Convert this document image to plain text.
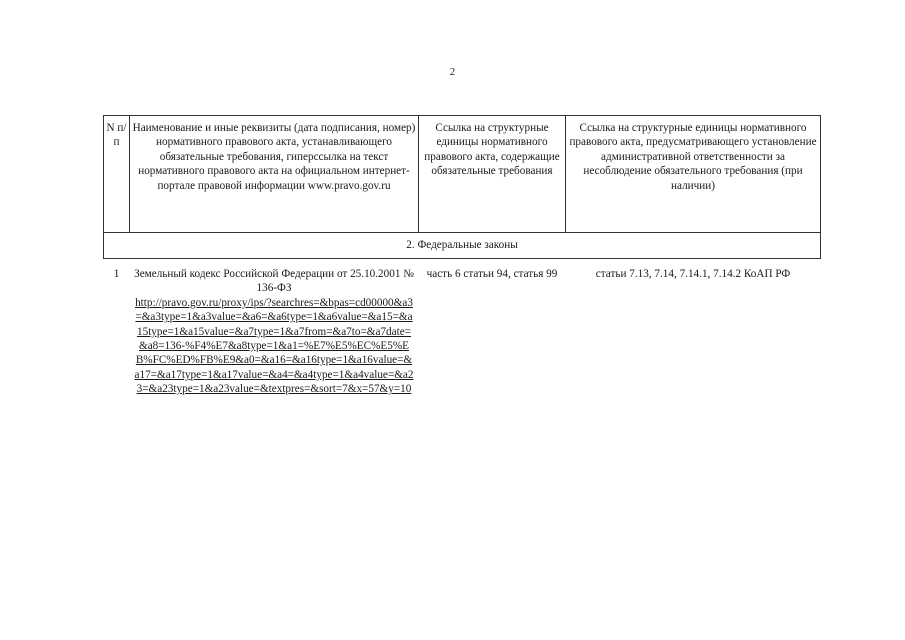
2
N п/п	Наименование и иные реквизиты (дата подписания, номер) нормативного правового акта, устанавливающего обязательные требования, гиперссылка на текст нормативного правового акта на официальном интернет-портале правовой информации www.pravo.gov.ru	Ссылка на структурные единицы нормативного правового акта, содержащие обязательные требования	Ссылка на структурные единицы нормативного правового акта, предусматривающего установление административной ответственности за несоблюдение обязательного требования (при наличии)
2. Федеральные законы			
1	Земельный кодекс Российской Федерации от 25.10.2001 № 136-ФЗ
http://pravo.gov.ru/proxy/ips/?searchres=&bpas=cd00000&a3=&a3type=1&a3value=&a6=&a6type=1&a6value=&a15=&a15type=1&a15value=&a7type=1&a7from=&a7to=&a7date=&a8=136-%F4%E7&a8type=1&a1=%E7%E5%EC%E5%EB%FC%ED%FB%E9&a0=&a16=&a16type=1&a16value=&a17=&a17type=1&a17value=&a4=&a4type=1&a4value=&a23=&a23type=1&a23value=&textpres=&sort=7&x=57&y=10	часть 6 статьи 94, статья 99	статьи 7.13, 7.14, 7.14.1, 7.14.2 КоАП РФ
